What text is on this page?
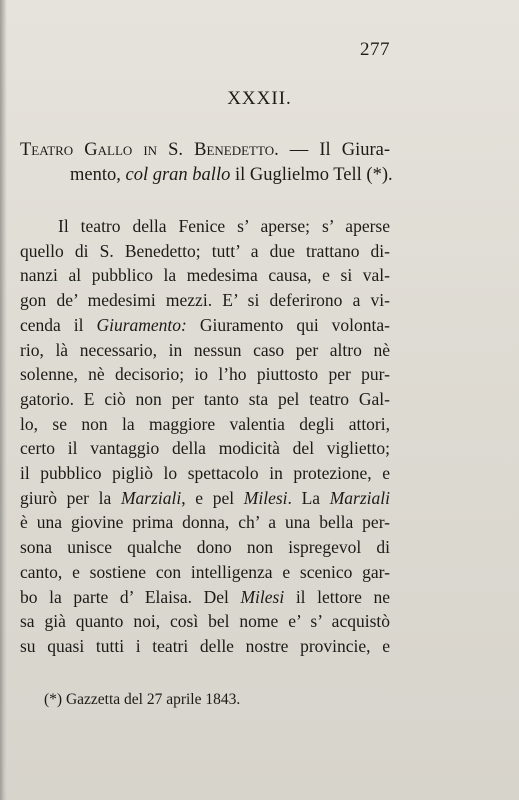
277
XXXII.
Teatro Gallo in S. Benedetto. — Il Giura-
mento, col gran ballo il Guglielmo Tell (*).
Il teatro della Fenice s’ aperse; s’ aperse
quello di S. Benedetto; tutt’ a due trattano di-
nanzi al pubblico la medesima causa, e si val-
gon de’ medesimi mezzi. E’ si deferirono a vi-
cenda il Giuramento: Giuramento qui volonta-
rio, là necessario, in nessun caso per altro nè
solenne, nè decisorio; io l’ho piuttosto per pur-
gatorio. E ciò non per tanto sta pel teatro Gal-
lo, se non la maggiore valentia degli attori,
certo il vantaggio della modicità del viglietto;
il pubblico pigliò lo spettacolo in protezione, e
giurò per la Marziali, e pel Milesi. La Marziali
è una giovine prima donna, ch’ a una bella per-
sona unisce qualche dono non ispregevol di
canto, e sostiene con intelligenza e scenico gar-
bo la parte d’ Elaisa. Del Milesi il lettore ne
sa già quanto noi, così bel nome e’ s’ acquistò
su quasi tutti i teatri delle nostre provincie, e
(*) Gazzetta del 27 aprile 1843.
